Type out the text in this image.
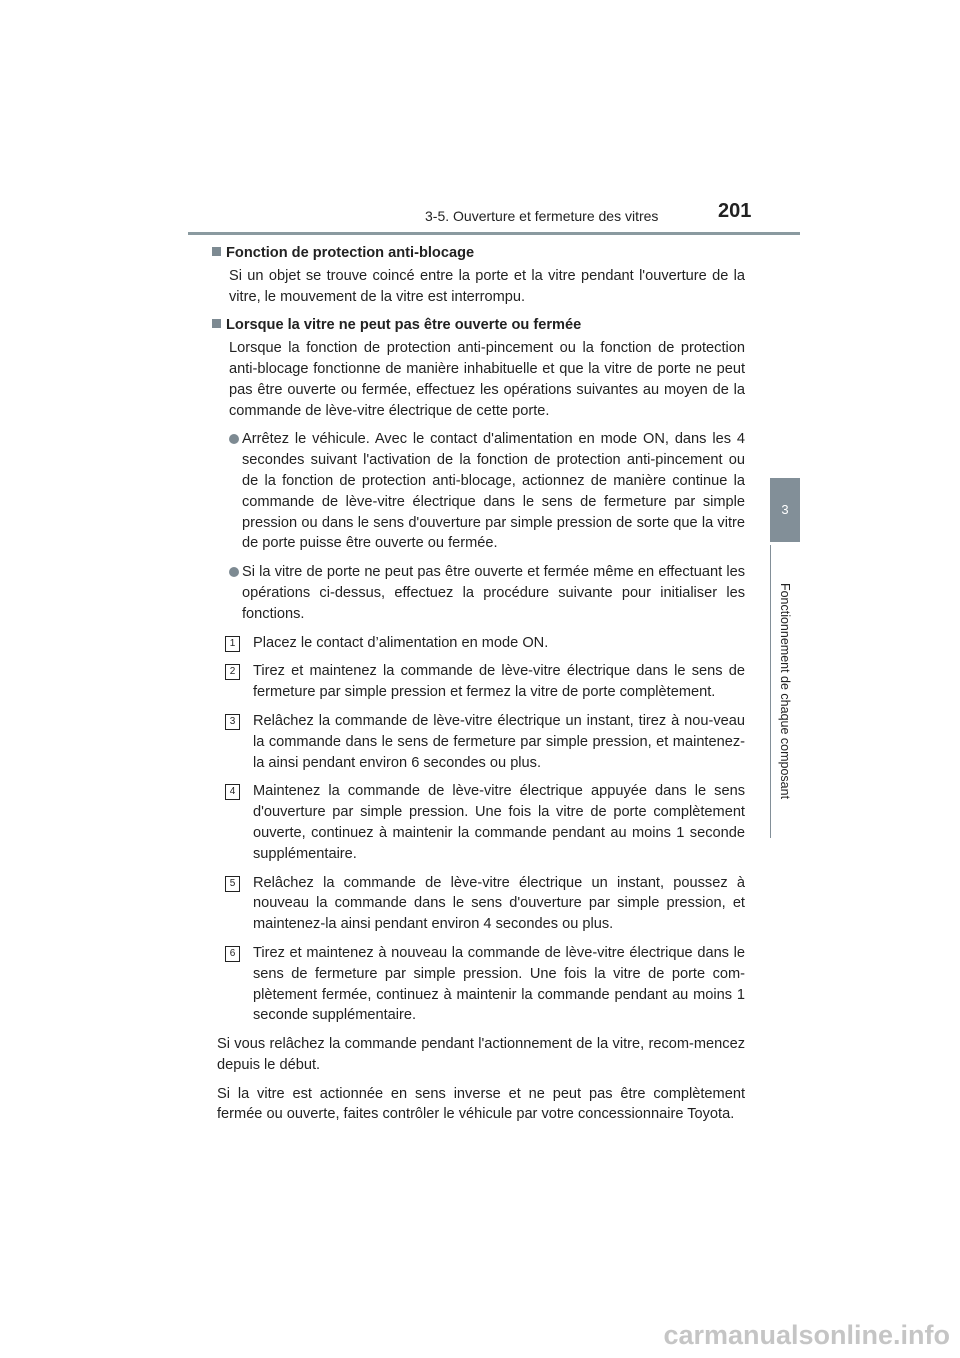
3-5. Ouverture et fermeture des vitres	201
3
Fonctionnement de chaque composant
Fonction de protection anti-blocage

Si un objet se trouve coincé entre la porte et la vitre pendant l'ouverture de la vitre, le mouvement de la vitre est interrompu.

Lorsque la vitre ne peut pas être ouverte ou fermée

Lorsque la fonction de protection anti-pincement ou la fonction de protection anti-blocage fonctionne de manière inhabituelle et que la vitre de porte ne peut pas être ouverte ou fermée, effectuez les opérations suivantes au moyen de la commande de lève-vitre électrique de cette porte.

Arrêtez le véhicule. Avec le contact d'alimentation en mode ON, dans les 4 secondes suivant l'activation de la fonction de protection anti-pincement ou de la fonction de protection anti-blocage, actionnez de manière continue la commande de lève-vitre électrique dans le sens de fermeture par simple pression ou dans le sens d'ouverture par simple pression de sorte que la vitre de porte puisse être ouverte ou fermée.
Si la vitre de porte ne peut pas être ouverte et fermée même en effectuant les opérations ci-dessus, effectuez la procédure suivante pour initialiser les fonctions.
1	Placez le contact d’alimentation en mode ON.
2	Tirez et maintenez la commande de lève-vitre électrique dans le sens de fermeture par simple pression et fermez la vitre de porte complètement.
3	Relâchez la commande de lève-vitre électrique un instant, tirez à nou-veau la commande dans le sens de fermeture par simple pression, et maintenez-la ainsi pendant environ 6 secondes ou plus.
4	Maintenez la commande de lève-vitre électrique appuyée dans le sens d'ouverture par simple pression. Une fois la vitre de porte complètement ouverte, continuez à maintenir la commande pendant au moins 1 seconde supplémentaire.
5	Relâchez la commande de lève-vitre électrique un instant, poussez à nouveau la commande dans le sens d'ouverture par simple pression, et maintenez-la ainsi pendant environ 4 secondes ou plus.
6	Tirez et maintenez à nouveau la commande de lève-vitre électrique dans le sens de fermeture par simple pression. Une fois la vitre de porte com-plètement fermée, continuez à maintenir la commande pendant au moins 1 seconde supplémentaire.

Si vous relâchez la commande pendant l'actionnement de la vitre, recom-mencez depuis le début.

Si la vitre est actionnée en sens inverse et ne peut pas être complètement fermée ou ouverte, faites contrôler le véhicule par votre concessionnaire Toyota.

carmanualsonline.info
